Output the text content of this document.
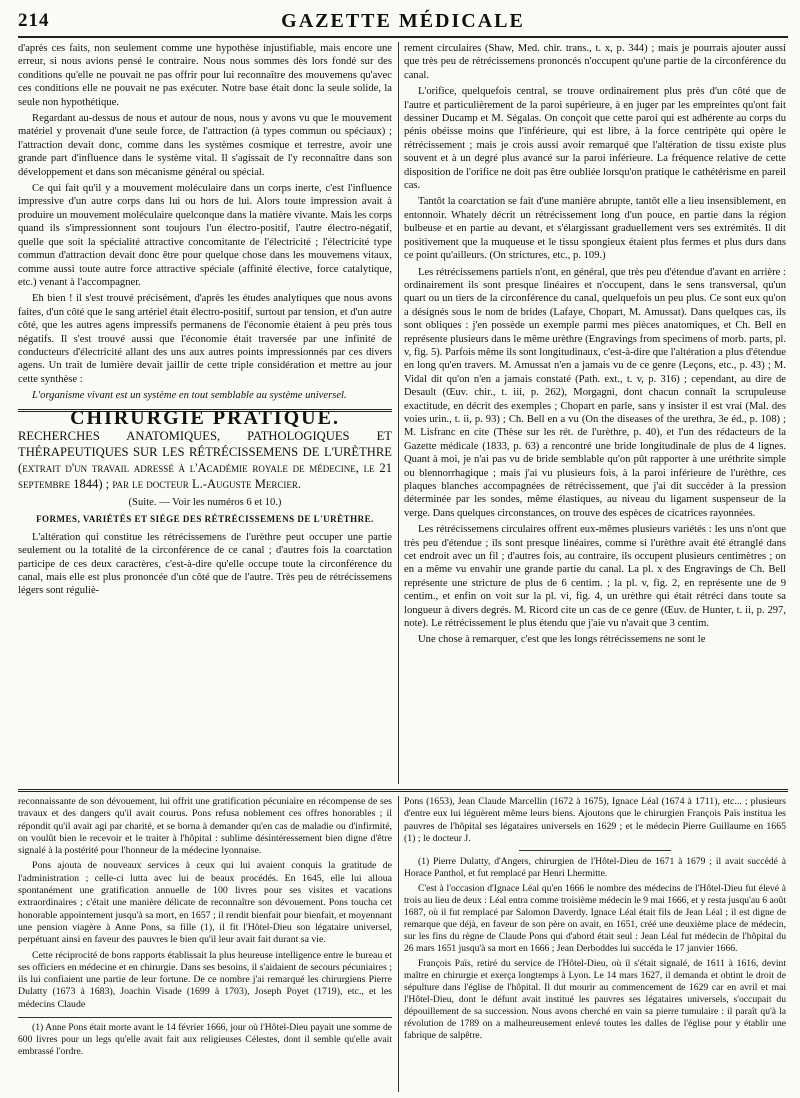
214	GAZETTE MÉDICALE

d'après ces faits, non seulement comme une hypothèse injustifiable, mais encore une erreur, si nous avions pensé le contraire. Nous nous sommes dès lors fondé sur des conditions qu'elle ne pouvait ne pas offrir pour lui reconnaître des mouvemens qu'avec ces conditions elle ne pouvait ne pas exécuter. Notre base était donc la seule solide, la seule non hypothétique.

Regardant au-dessus de nous et autour de nous, nous y avons vu que le mouvement matériel y provenait d'une seule force, de l'attraction (à types commun ou spéciaux) ; l'attraction devait donc, comme dans les systèmes cosmique et terrestre, avoir une grande part d'influence dans le système vital. Il s'agissait de l'y reconnaître dans son développement et dans son mécanisme général ou spécial.

Ce qui fait qu'il y a mouvement moléculaire dans un corps inerte, c'est l'influence impressive d'un autre corps dans lui ou hors de lui. Alors toute impression avait à produire un mouvement moléculaire quelconque dans la matière vivante. Mais les corps quand ils s'impressionnent sont toujours l'un électro-positif, l'autre électro-négatif, quelle que soit la spécialité attractive concomitante de l'électricité ; l'électricité type commun d'attraction devait donc être pour quelque chose dans les mouvemens vitaux, comme aussi toute autre force attractive spéciale (affinité élective, force catalytique, etc.) venant à l'accompagner.

Eh bien ! il s'est trouvé précisément, d'après les études analytiques que nous avons faites, d'un côté que le sang artériel était électro-positif, surtout par tension, et d'un autre côté, que les autres agens impressifs permanens de l'économie étaient à peu près tous négatifs. Il s'est trouvé aussi que l'économie était traversée par une infinité de conducteurs d'électricité allant des uns aux autres points impressionnés par ces divers agens. Un trait de lumière devait jaillir de cette triple considération et mettre au jour cette synthèse :

L'organisme vivant est un système en tout semblable au système universel.

CHIRURGIE PRATIQUE.

RECHERCHES ANATOMIQUES, PATHOLOGIQUES ET THÉRAPEUTIQUES SUR LES RÉTRÉCISSEMENS DE L'URÈTHRE (extrait d'un travail adressé à l'Académie royale de médecine, le 21 septembre 1844) ; par le docteur L.-Auguste Mercier.

(Suite. — Voir les numéros 6 et 10.)

FORMES, VARIÉTÉS ET SIÉGE DES RÉTRÉCISSEMENS DE L'URÈTHRE.

L'altération qui constitue les rétrécissemens de l'urèthre peut occuper une partie seulement ou la totalité de la circonférence de ce canal ; d'autres fois la coarctation participe de ces deux caractères, c'est-à-dire qu'elle occupe toute la circonférence du canal, mais elle est plus prononcée d'un côté que de l'autre. Très peu de rétrécissemens légers sont réguliè-

rement circulaires (Shaw, Med. chir. trans., t. x, p. 344) ; mais je pourrais ajouter aussi que très peu de rétrécissemens prononcés n'occupent qu'une partie de la circonférence du canal.

L'orifice, quelquefois central, se trouve ordinairement plus près d'un côté que de l'autre et particulièrement de la paroi supérieure, à en juger par les empreintes qu'ont fait dessiner Ducamp et M. Ségalas. On conçoit que cette paroi qui est adhérente au corps du pénis obéisse moins que l'inférieure, qui est libre, à la force centripète qui opère le rétrécissement ; mais je crois aussi avoir remarqué que l'altération de tissu existe plus souvent et à un degré plus avancé sur la paroi inférieure. La fréquence relative de cette disposition de l'orifice ne doit pas être oubliée lorsqu'on pratique le cathétérisme en pareil cas.

Tantôt la coarctation se fait d'une manière abrupte, tantôt elle a lieu insensiblement, en entonnoir. Whately décrit un rétrécissement long d'un pouce, en partie dans la région bulbeuse et en partie au devant, et s'élargissant graduellement vers ses extrémités. Il dit positivement que la muqueuse et le tissu spongieux étaient plus fermes et plus durs dans ce point qu'ailleurs. (On strictures, etc., p. 109.)

Les rétrécissemens partiels n'ont, en général, que très peu d'étendue d'avant en arrière : ordinairement ils sont presque linéaires et n'occupent, dans le sens transversal, qu'un quart ou un tiers de la circonférence du canal, quelquefois un peu plus. Ce sont eux qu'on a désignés sous le nom de brides (Lafaye, Chopart, M. Amussat). Dans quelques cas, ils sont obliques : j'en possède un exemple parmi mes pièces anatomiques, et Ch. Bell en représente plusieurs dans le même urèthre (Engravings from specimens of morb. parts, pl. v, fig. 5). Parfois même ils sont longitudinaux, c'est-à-dire que l'altération a plus d'étendue en long qu'en travers. M. Amussat n'en a jamais vu de ce genre (Leçons, etc., p. 43) ; M. Vidal dit qu'on n'en a jamais constaté (Path. ext., t. v, p. 316) ; cependant, au dire de Desault (Œuv. chir., t. iii, p. 262), Morgagni, dont chacun connaît la scrupuleuse exactitude, en décrit des exemples ; Chopart en parle, sans y insister il est vrai (Mal. des voies urin., t. ii, p. 93) ; Ch. Bell en a vu (On the diseases of the urethra, 3e éd., p. 108) ; M. Lisfranc en cite (Thèse sur les rét. de l'urèthre, p. 40), et l'un des rédacteurs de la Gazette médicale (1833, p. 63) a rencontré une bride longitudinale de plus de 4 lignes. Quant à moi, je n'ai pas vu de bride semblable qu'on pût rapporter à une uréthrite simple ou blennorrhagique ; mais j'ai vu plusieurs fois, à la paroi inférieure de l'urèthre, ces plaques blanches accompagnées de rétrécissement, que j'ai dit succéder à la pression déterminée par les sondes, même élastiques, au niveau du ligament suspenseur de la verge. Dans quelques circonstances, on trouve des espèces de cicatrices rayonnées.

Les rétrécissemens circulaires offrent eux-mêmes plusieurs variétés : les uns n'ont que très peu d'étendue ; ils sont presque linéaires, comme si l'urèthre avait été étranglé dans cet endroit avec un fil ; d'autres fois, au contraire, ils occupent plusieurs centimètres ; on en a même vu envahir une grande partie du canal. La pl. x des Engravings de Ch. Bell représente une stricture de plus de 6 centim. ; la pl. v, fig. 2, en représente une de 9 centim., et enfin on voit sur la pl. vi, fig. 4, un urèthre qui était rétréci dans toute sa longueur à divers degrés. M. Ricord cite un cas de ce genre (Œuv. de Hunter, t. ii, p. 297, note). Le rétrécissement le plus étendu que j'aie vu n'avait que 3 centim.

Une chose à remarquer, c'est que les longs rétrécissemens ne sont le

reconnaissante de son dévouement, lui offrit une gratification pécuniaire en récompense de ses travaux et des dangers qu'il avait courus. Pons refusa noblement ces offres honorables ; il répondit qu'il avait agi par charité, et se borna à demander qu'en cas de maladie ou d'infirmité, on voulût bien le recevoir et le traiter à l'hôpital : sublime désintéressement bien digne d'être signalé à la postérité pour l'honneur de la médecine lyonnaise.

Pons ajouta de nouveaux services à ceux qui lui avaient conquis la gratitude de l'administration ; celle-ci lutta avec lui de beaux procédés. En 1645, elle lui alloua spontanément une gratification annuelle de 100 livres pour ses visites et vacations extraordinaires ; c'était une manière délicate de reconnaître son dévouement. Pons toucha cet honorable appointement jusqu'à sa mort, en 1657 ; il rendit bienfait pour bienfait, et moyennant une pension viagère à Anne Pons, sa fille (1), il fit l'Hôtel-Dieu son légataire universel, perpétuant ainsi en faveur des pauvres le bien qu'il leur avait fait durant sa vie.

Cette réciprocité de bons rapports établissait la plus heureuse intelligence entre le bureau et ses officiers en médecine et en chirurgie. Dans ses besoins, il s'aidaient de secours pécuniaires ; ils lui confiaient une partie de leur fortune. De ce nombre j'ai remarqué les chirurgiens Pierre Dulatty (1673 à 1683), Joachin Visade (1699 à 1703), Joseph Poyet (1719), etc., et les médecins Claude

(1) Anne Pons était morte avant le 14 février 1666, jour où l'Hôtel-Dieu payait une somme de 600 livres pour un legs qu'elle avait fait aux religieuses Célestes, dont il semble qu'elle avait embrassé l'ordre.

Pons (1653), Jean Claude Marcellin (1672 à 1675), Ignace Léal (1674 à 1711), etc... ; plusieurs d'entre eux lui léguèrent même leurs biens. Ajoutons que le chirurgien François Païs institua les pauvres de l'hôpital ses légataires universels en 1629 ; et le médecin Pierre Guillaume en 1665 (1) ; le docteur J.

(1) Pierre Dulatty, d'Angers, chirurgien de l'Hôtel-Dieu de 1671 à 1679 ; il avait succédé à Horace Panthol, et fut remplacé par Henri Lhermitte.

C'est à l'occasion d'Ignace Léal qu'en 1666 le nombre des médecins de l'Hôtel-Dieu fut élevé à trois au lieu de deux : Léal entra comme troisième médecin le 9 mai 1666, et y resta jusqu'au 6 août 1687, où il fut remplacé par Salomon Daverdy. Ignace Léal était fils de Jean Léal ; il est digne de remarque que déjà, en faveur de son père on avait, en 1651, créé une deuxième place de médecin, sur les fins du règne de Claude Pons qui d'abord était seul : Jean Léal fut médecin de l'hôpital du 26 mars 1651 jusqu'à sa mort en 1666 ; Jean Derboddes lui succéda le 17 janvier 1666.

François Païs, retiré du service de l'Hôtel-Dieu, où il s'était signalé, de 1611 à 1616, devint maître en chirurgie et exerça longtemps à Lyon. Le 14 mars 1627, il demanda et obtint le droit de sépulture dans l'église de l'hôpital. Il dut mourir au commencement de 1629 car en avril et mai l'Hôtel-Dieu, dont le défunt avait institué les pauvres ses légataires universels, s'occupait du dépouillement de sa succession. Nous avons cherché en vain sa pierre tumulaire : il paraît qu'à la révolution de 1789 on a malheureusement enlevé toutes les dalles de l'église pour y établir une fabrique de salpêtre.
